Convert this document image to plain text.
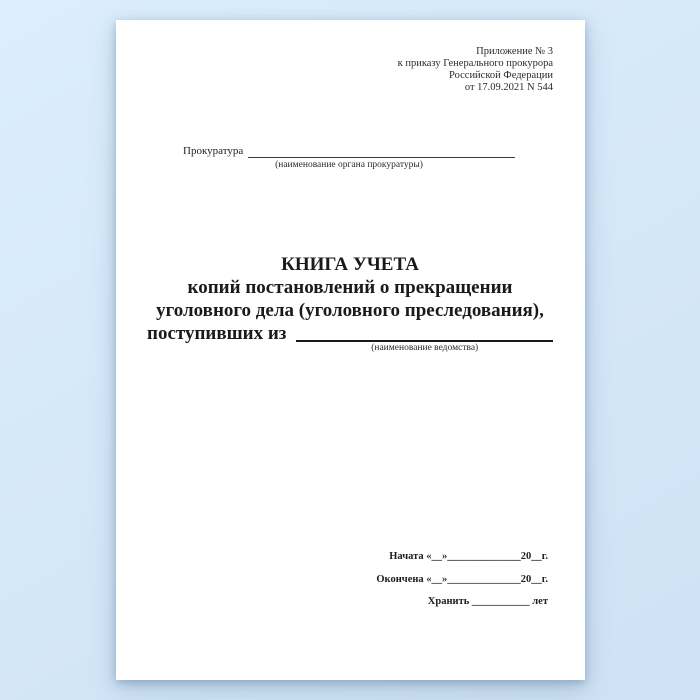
Приложение № 3
к приказу Генерального прокурора
Российской Федерации
от 17.09.2021 N 544
Прокуратура
(наименование органа прокуратуры)
КНИГА УЧЕТА
копий постановлений о прекращении
уголовного дела (уголовного преследования),
поступивших из
(наименование ведомства)
Начата «__»______________20__г.
Окончена «__»______________20__г.
Хранить ___________ лет
